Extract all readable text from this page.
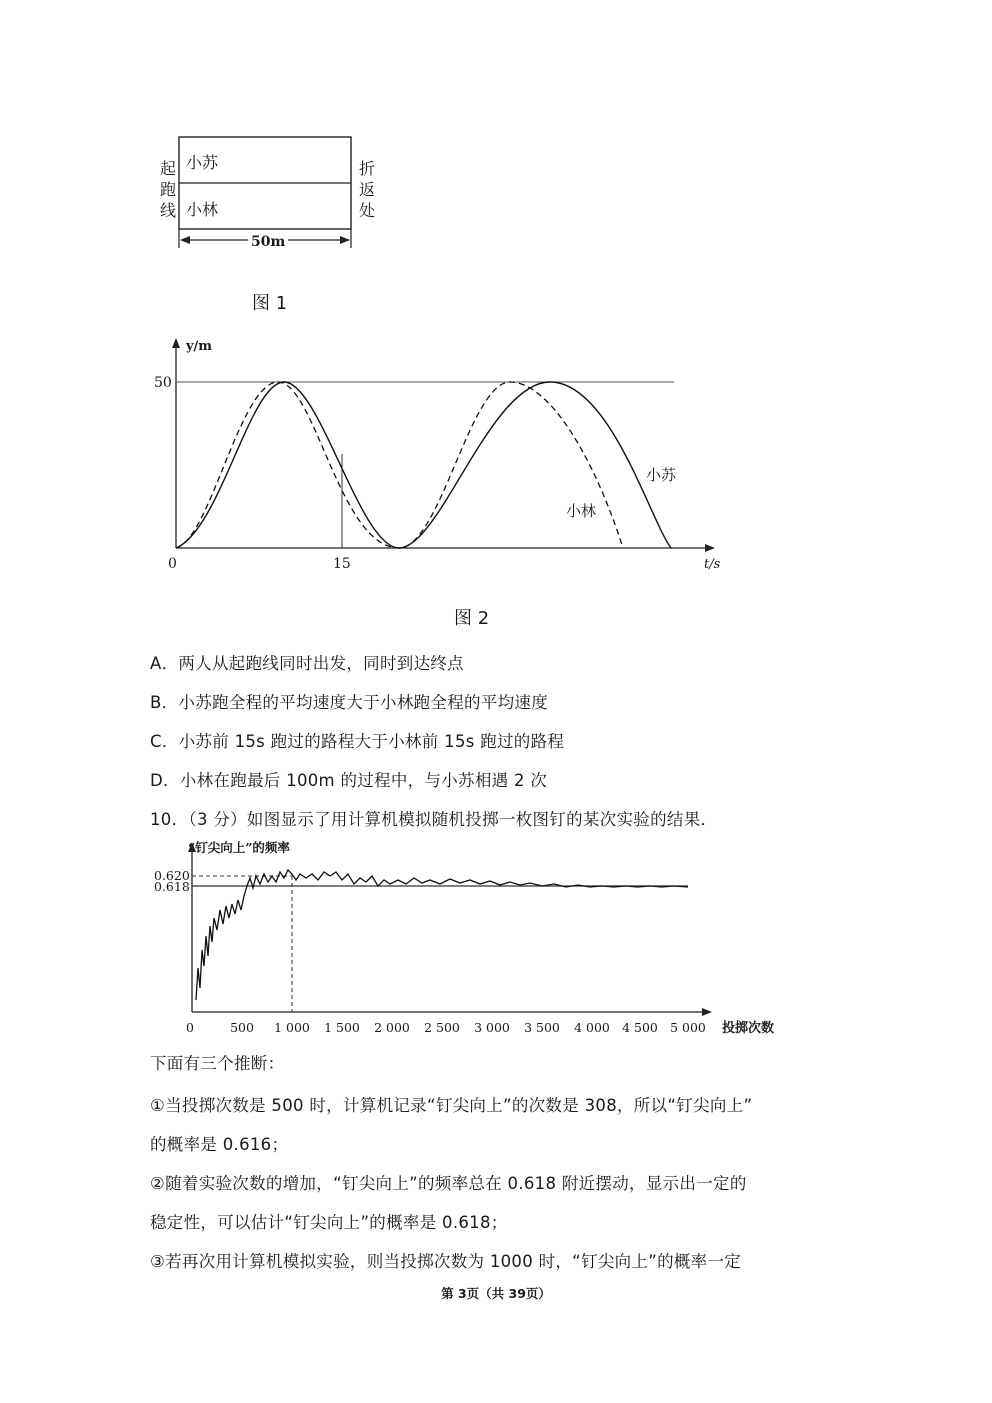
起跑线
折返处
小苏
小林
50m
图 1
y/m
t/s
50
0	15
小苏
小林
图 2
A．两人从起跑线同时出发，同时到达终点
B．小苏跑全程的平均速度大于小林跑全程的平均速度
C．小苏前 15s 跑过的路程大于小林前 15s 跑过的路程
D．小林在跑最后 100m 的过程中，与小苏相遇 2 次
10．（3 分）如图显示了用计算机模拟随机投掷一枚图钉的某次实验的结果．
“钉尖向上”的频率
0.620
0.618
0	500 1 000 1 500 2 000 2 500 3 000 3 500 4 000 4 500 5 000 投掷次数
下面有三个推断：
①当投掷次数是 500 时，计算机记录“钉尖向上”的次数是 308，所以“钉尖向上”
的概率是 0.616；
②随着实验次数的增加，“钉尖向上”的频率总在 0.618 附近摆动，显示出一定的
稳定性，可以估计“钉尖向上”的概率是 0.618；
③若再次用计算机模拟实验，则当投掷次数为 1000 时，“钉尖向上”的概率一定
第 3页（共 39页）
